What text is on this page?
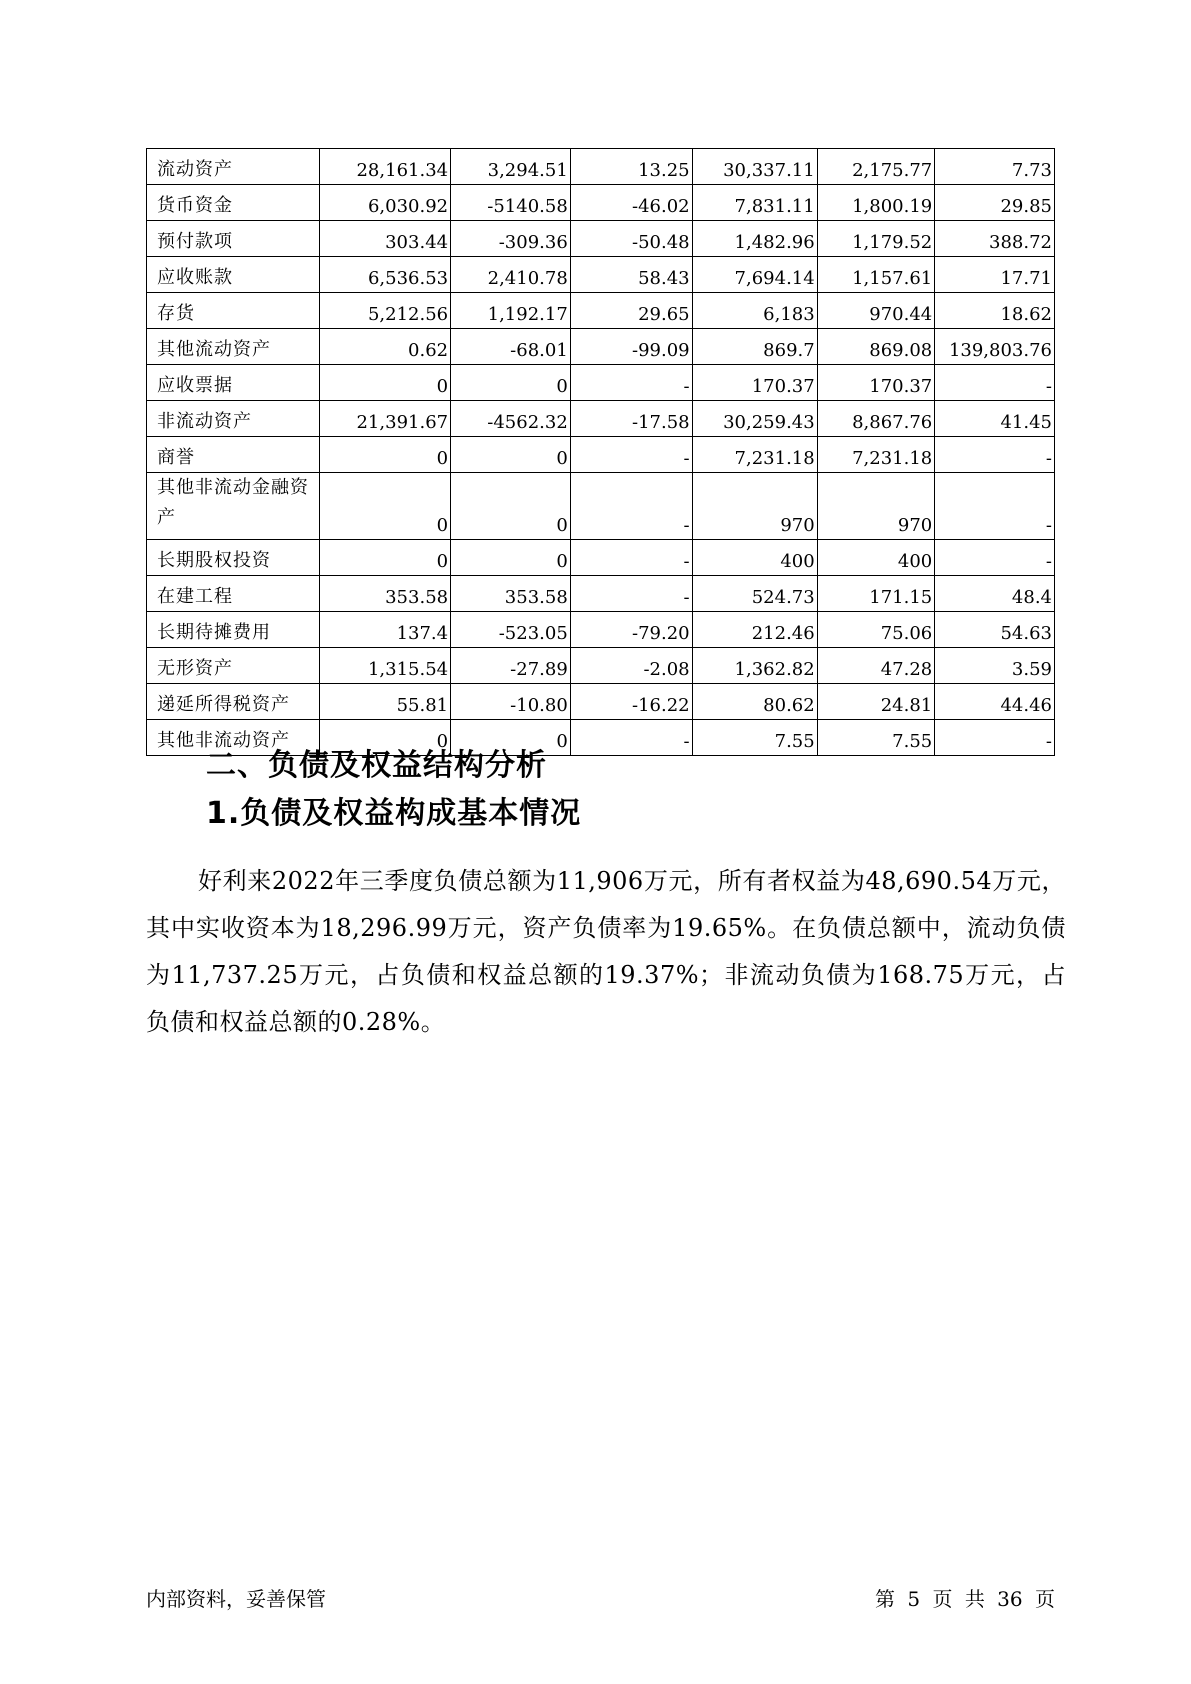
流动资产	28,161.34	3,294.51	13.25	30,337.11	2,175.77	7.73
货币资金	6,030.92	-5140.58	-46.02	7,831.11	1,800.19	29.85
预付款项	303.44	-309.36	-50.48	1,482.96	1,179.52	388.72
应收账款	6,536.53	2,410.78	58.43	7,694.14	1,157.61	17.71
存货	5,212.56	1,192.17	29.65	6,183	970.44	18.62
其他流动资产	0.62	-68.01	-99.09	869.7	869.08	139,803.76
应收票据	0	0	-	170.37	170.37	-
非流动资产	21,391.67	-4562.32	-17.58	30,259.43	8,867.76	41.45
商誉	0	0	-	7,231.18	7,231.18	-
其他非流动金融资产	0	0	-	970	970	-
长期股权投资	0	0	-	400	400	-
在建工程	353.58	353.58	-	524.73	171.15	48.4
长期待摊费用	137.4	-523.05	-79.20	212.46	75.06	54.63
无形资产	1,315.54	-27.89	-2.08	1,362.82	47.28	3.59
递延所得税资产	55.81	-10.80	-16.22	80.62	24.81	44.46
其他非流动资产	0	0	-	7.55	7.55	-
二、负债及权益结构分析
1.负债及权益构成基本情况

好利来2022年三季度负债总额为11,906万元，所有者权益为48,690.54万元，其中实收资本为18,296.99万元，资产负债率为19.65%。在负债总额中，流动负债为11,737.25万元，占负债和权益总额的19.37%；非流动负债为168.75万元，占负债和权益总额的0.28%。

内部资料，妥善保管	第 5 页 共 36 页
